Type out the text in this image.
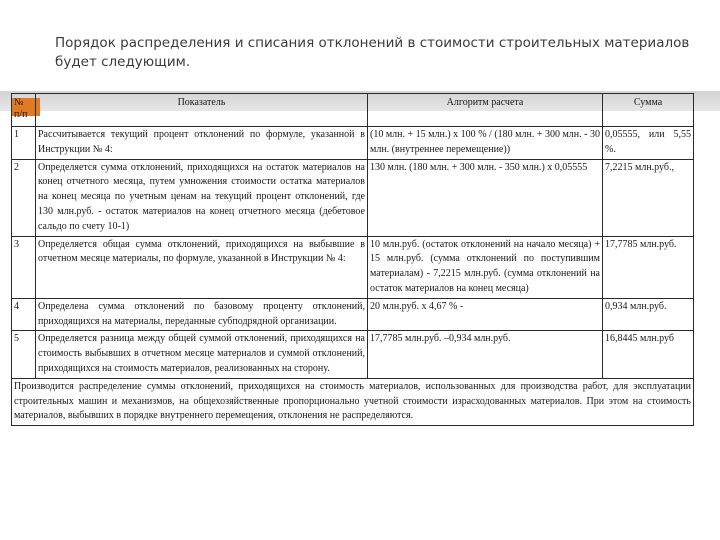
Порядок распределения и списания отклонений в стоимости строительных материалов будет следующим.
№ п/п	Показатель	Алгоритм расчета	Сумма
1	Рассчитывается текущий процент отклонений по формуле, указанной в Инструкции № 4:	(10 млн. + 15 млн.) х 100 % / (180 млн. + 300 млн. - 30 млн. (внутреннее перемещение))	0,05555, или 5,55 %.
2	Определяется сумма отклонений, приходящихся на остаток материалов на конец отчетного месяца, путем умножения стоимости остатка материалов на конец месяца по учетным ценам на текущий процент отклонений, где 130 млн.руб. - остаток материалов на конец отчетного месяца (дебетовое сальдо по счету 10-1)	130 млн. (180 млн. + 300 млн. - 350 млн.) х 0,05555	7,2215 млн.руб.,
3	Определяется общая сумма отклонений, приходящихся на выбывшие в отчетном месяце материалы, по формуле, указанной в Инструкции № 4:	10 млн.руб. (остаток отклонений на начало месяца) + 15 млн.руб. (сумма отклонений по поступившим материалам) - 7,2215 млн.руб. (сумма отклонений на остаток материалов на конец месяца)	17,7785 млн.руб.
4	Определена сумма отклонений по базовому проценту отклонений, приходящихся на материалы, переданные субподрядной организации.	20 млн.руб. х 4,67 % -	0,934 млн.руб.
5	Определяется разница между общей суммой отклонений, приходящихся на стоимость выбывших в отчетном месяце материалов и суммой отклонений, приходящихся на стоимость материалов, реализованных на сторону.	17,7785 млн.руб. –0,934 млн.руб.	16,8445 млн.руб
Производится распределение суммы отклонений, приходящихся на стоимость материалов, использованных для производства работ, для эксплуатации строительных машин и механизмов, на общехозяйственные пропорционально учетной стоимости израсходованных материалов. При этом на стоимость материалов, выбывших в порядке внутреннего перемещения, отклонения не распределяются.			
